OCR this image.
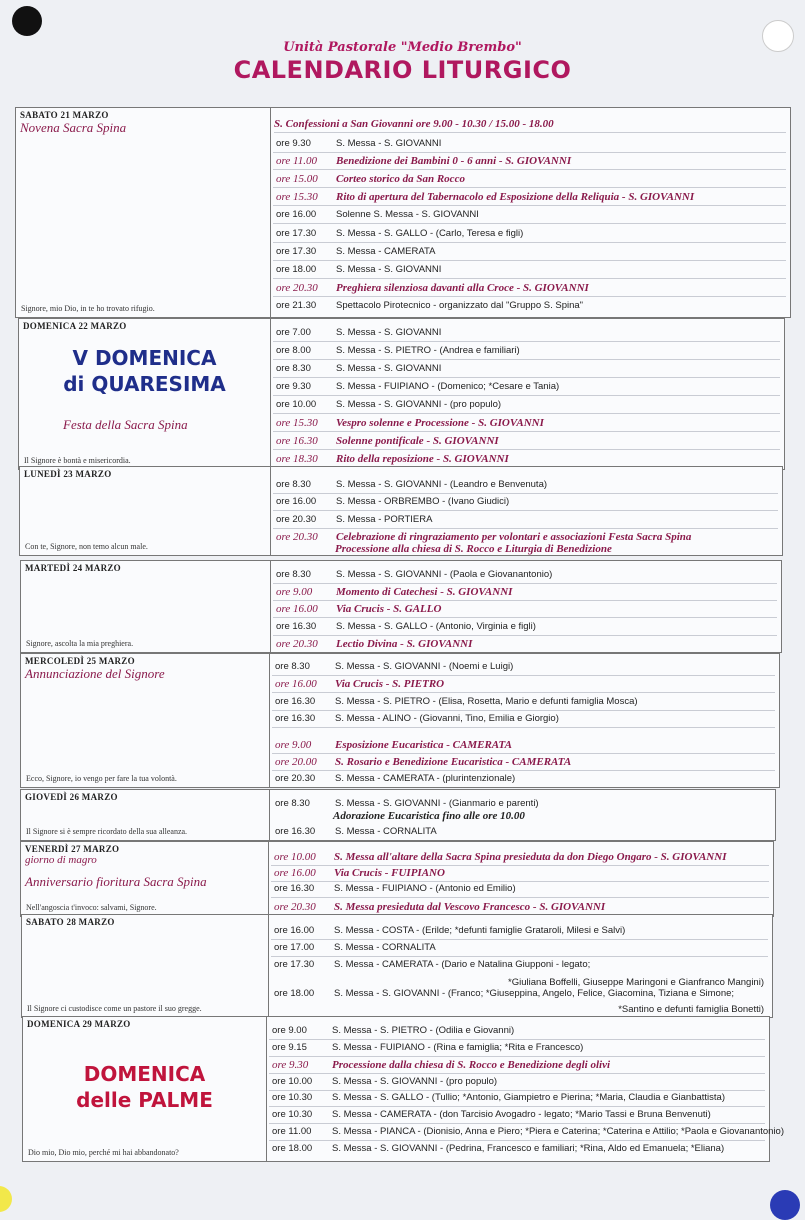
Unità Pastorale "Medio Brembo"
CALENDARIO LITURGICO
SABATO 21 MARZO
Novena Sacra Spina
Signore, mio Dio, in te ho trovato rifugio.
S. Confessioni a San Giovanni ore 9.00 - 10.30 / 15.00 - 18.00
ore 9.30	S. Messa - S. GIOVANNI
ore 11.00 Benedizione dei Bambini 0 - 6 anni - S. GIOVANNI
ore 15.00 Corteo storico da San Rocco
ore 15.30 Rito di apertura del Tabernacolo ed Esposizione della Reliquia - S. GIOVANNI
ore 16.00 Solenne S. Messa - S. GIOVANNI
ore 17.30 S. Messa - S. GALLO - (Carlo, Teresa e figli)
ore 17.30 S. Messa - CAMERATA
ore 18.00 S. Messa - S. GIOVANNI
ore 20.30 Preghiera silenziosa davanti alla Croce - S. GIOVANNI
ore 21.30 Spettacolo Pirotecnico - organizzato dal "Gruppo S. Spina"
DOMENICA 22 MARZO
V DOMENICA
di QUARESIMA
Festa della Sacra Spina
Il Signore è bontà e misericordia.
ore 7.00	S. Messa - S. GIOVANNI
ore 8.00	S. Messa - S. PIETRO - (Andrea e familiari)
ore 8.30	S. Messa - S. GIOVANNI
ore 9.30	S. Messa - FUIPIANO - (Domenico; *Cesare e Tania)
ore 10.00 S. Messa - S. GIOVANNI - (pro populo)
ore 15.30 Vespro solenne e Processione - S. GIOVANNI
ore 16.30 Solenne pontificale - S. GIOVANNI
ore 18.30 Rito della reposizione - S. GIOVANNI
LUNEDÌ 23 MARZO
Con te, Signore, non temo alcun male.
ore 8.30	S. Messa - S. GIOVANNI - (Leandro e Benvenuta)
ore 16.00 S. Messa - ORBREMBO - (Ivano Giudici)
ore 20.30 S. Messa - PORTIERA
ore 20.30 Celebrazione di ringraziamento per volontari e associazioni Festa Sacra Spina
Processione alla chiesa di S. Rocco e Liturgia di Benedizione
MARTEDÌ 24 MARZO
Signore, ascolta la mia preghiera.
ore 8.30	S. Messa - S. GIOVANNI - (Paola e Giovanantonio)
ore 9.00 Momento di Catechesi - S. GIOVANNI
ore 16.00 Via Crucis - S. GALLO
ore 16.30 S. Messa - S. GALLO - (Antonio, Virginia e figli)
ore 20.30 Lectio Divina - S. GIOVANNI
MERCOLEDÌ 25 MARZO
Annunciazione del Signore
Ecco, Signore, io vengo per fare la tua volontà.
ore 8.30	S. Messa - S. GIOVANNI - (Noemi e Luigi)
ore 16.00 Via Crucis - S. PIETRO
ore 16.30 S. Messa - S. PIETRO - (Elisa, Rosetta, Mario e defunti famiglia Mosca)
ore 16.30 S. Messa - ALINO - (Giovanni, Tino, Emilia e Giorgio)
ore 9.00 Esposizione Eucaristica - CAMERATA
ore 20.00 S. Rosario e Benedizione Eucaristica - CAMERATA
ore 20.30 S. Messa - CAMERATA - (plurintenzionale)
GIOVEDÌ 26 MARZO
Il Signore si è sempre ricordato della sua alleanza.
ore 8.30	S. Messa - S. GIOVANNI - (Gianmario e parenti)
Adorazione Eucaristica fino alle ore 10.00
ore 16.30 S. Messa - CORNALITA
VENERDÌ 27 MARZO
giorno di magro
Anniversario fioritura Sacra Spina
Nell'angoscia t'invoco: salvami, Signore.
ore 10.00 S. Messa all'altare della Sacra Spina presieduta da don Diego Ongaro - S. GIOVANNI
ore 16.00 Via Crucis - FUIPIANO
ore 16.30 S. Messa - FUIPIANO - (Antonio ed Emilio)
ore 20.30 S. Messa presieduta dal Vescovo Francesco - S. GIOVANNI
SABATO 28 MARZO
Il Signore ci custodisce come un pastore il suo gregge.
ore 16.00 S. Messa - COSTA - (Erilde; *defunti famiglie Grataroli, Milesi e Salvi)
ore 17.00 S. Messa - CORNALITA
ore 17.30 S. Messa - CAMERATA - (Dario e Natalina Giupponi - legato;
*Giuliana Boffelli, Giuseppe Maringoni e Gianfranco Mangini)
ore 18.00 S. Messa - S. GIOVANNI - (Franco; *Giuseppina, Angelo, Felice, Giacomina, Tiziana e Simone;
*Santino e defunti famiglia Bonetti)
DOMENICA 29 MARZO
DOMENICA
delle PALME
Dio mio, Dio mio, perché mi hai abbandonato?
ore 9.00	S. Messa - S. PIETRO - (Odilia e Giovanni)
ore 9.15	S. Messa - FUIPIANO - (Rina e famiglia; *Rita e Francesco)
ore 9.30 Processione dalla chiesa di S. Rocco e Benedizione degli olivi
ore 10.00 S. Messa - S. GIOVANNI - (pro populo)
ore 10.30 S. Messa - S. GALLO - (Tullio; *Antonio, Giampietro e Pierina; *Maria, Claudia e Gianbattista)
ore 10.30 S. Messa - CAMERATA - (don Tarcisio Avogadro - legato; *Mario Tassi e Bruna Benvenuti)
ore 11.00 S. Messa - PIANCA - (Dionisio, Anna e Piero; *Piera e Caterina; *Caterina e Attilio; *Paola e Giovanantonio)
ore 18.00 S. Messa - S. GIOVANNI - (Pedrina, Francesco e familiari; *Rina, Aldo ed Emanuela; *Eliana)
